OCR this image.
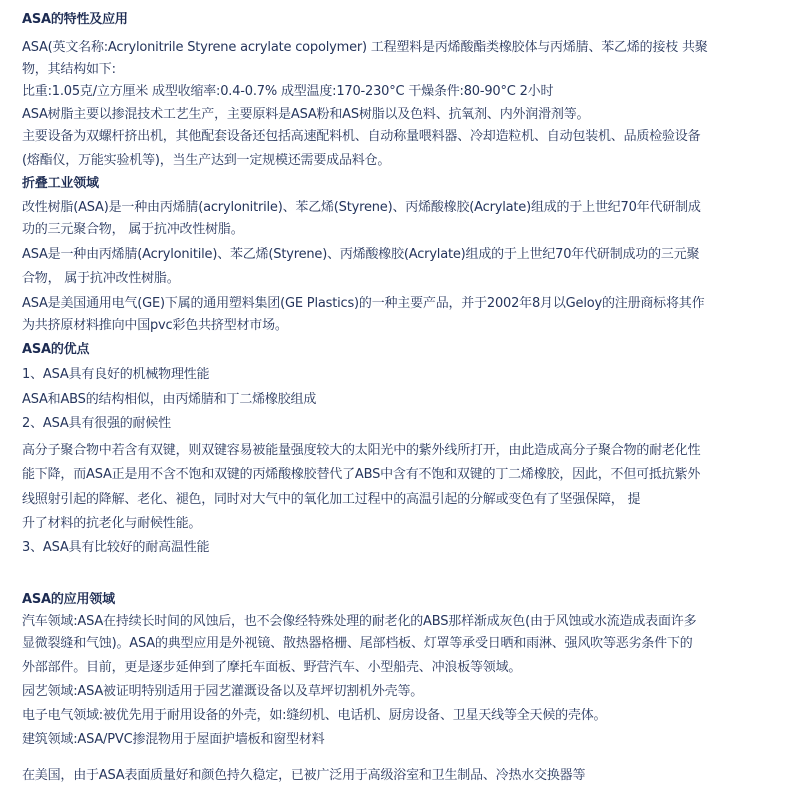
ASA的特性及应用
ASA(英文名称:Acrylonitrile Styrene acrylate copolymer) 工程塑料是丙烯酸酯类橡胶体与丙烯腈、苯乙烯的接枝 共聚
物，其结构如下:
比重:1.05克/立方厘米 成型收缩率:0.4-0.7% 成型温度:170-230°C 干燥条件:80-90°C 2小时
ASA树脂主要以掺混技术工艺生产，主要原料是ASA粉和AS树脂以及色料、抗氧剂、内外润滑剂等。
主要设备为双螺杆挤出机，其他配套设备还包括高速配料机、自动称量喂料器、冷却造粒机、自动包装机、品质检验设备
(熔酯仪，万能实验机等)，当生产达到一定规模还需要成品料仓。
折叠工业领域
改性树脂(ASA)是一种由丙烯腈(acrylonitrile)、苯乙烯(Styrene)、丙烯酸橡胶(Acrylate)组成的于上世纪70年代研制成
功的三元聚合物， 属于抗冲改性树脂。
ASA是一种由丙烯腈(Acrylonitile)、苯乙烯(Styrene)、丙烯酸橡胶(Acrylate)组成的于上世纪70年代研制成功的三元聚
合物， 属于抗冲改性树脂。
ASA是美国通用电气(GE)下属的通用塑料集团(GE Plastics)的一种主要产品，并于2002年8月以Geloy的注册商标将其作
为共挤原材料推向中国pvc彩色共挤型材市场。
ASA的优点
1、ASA具有良好的机械物理性能
ASA和ABS的结构相似，由丙烯腈和丁二烯橡胶组成
2、ASA具有很强的耐候性
高分子聚合物中若含有双键，则双键容易被能量强度较大的太阳光中的紫外线所打开，由此造成高分子聚合物的耐老化性
能下降，而ASA正是用不含不饱和双键的丙烯酸橡胶替代了ABS中含有不饱和双键的丁二烯橡胶，因此，不但可抵抗紫外
线照射引起的降解、老化、褪色，同时对大气中的氧化加工过程中的高温引起的分解或变色有了坚强保障， 提
升了材料的抗老化与耐候性能。
3、ASA具有比较好的耐高温性能
ASA的应用领域
汽车领域:ASA在持续长时间的风蚀后，也不会像经特殊处理的耐老化的ABS那样渐成灰色(由于风蚀或水流造成表面许多
显微裂缝和气蚀)。ASA的典型应用是外视镜、散热器格栅、尾部档板、灯罩等承受日晒和雨淋、强风吹等恶劣条件下的
外部部件。目前，更是逐步延伸到了摩托车面板、野营汽车、小型船壳、冲浪板等领域。
园艺领域:ASA被证明特别适用于园艺灌溉设备以及草坪切割机外壳等。
电子电气领域:被优先用于耐用设备的外壳，如:缝纫机、电话机、厨房设备、卫星天线等全天候的壳体。
建筑领域:ASA/PVC掺混物用于屋面护墙板和窗型材料
在美国，由于ASA表面质量好和颜色持久稳定，已被广泛用于高级浴室和卫生制品、冷热水交换器等
